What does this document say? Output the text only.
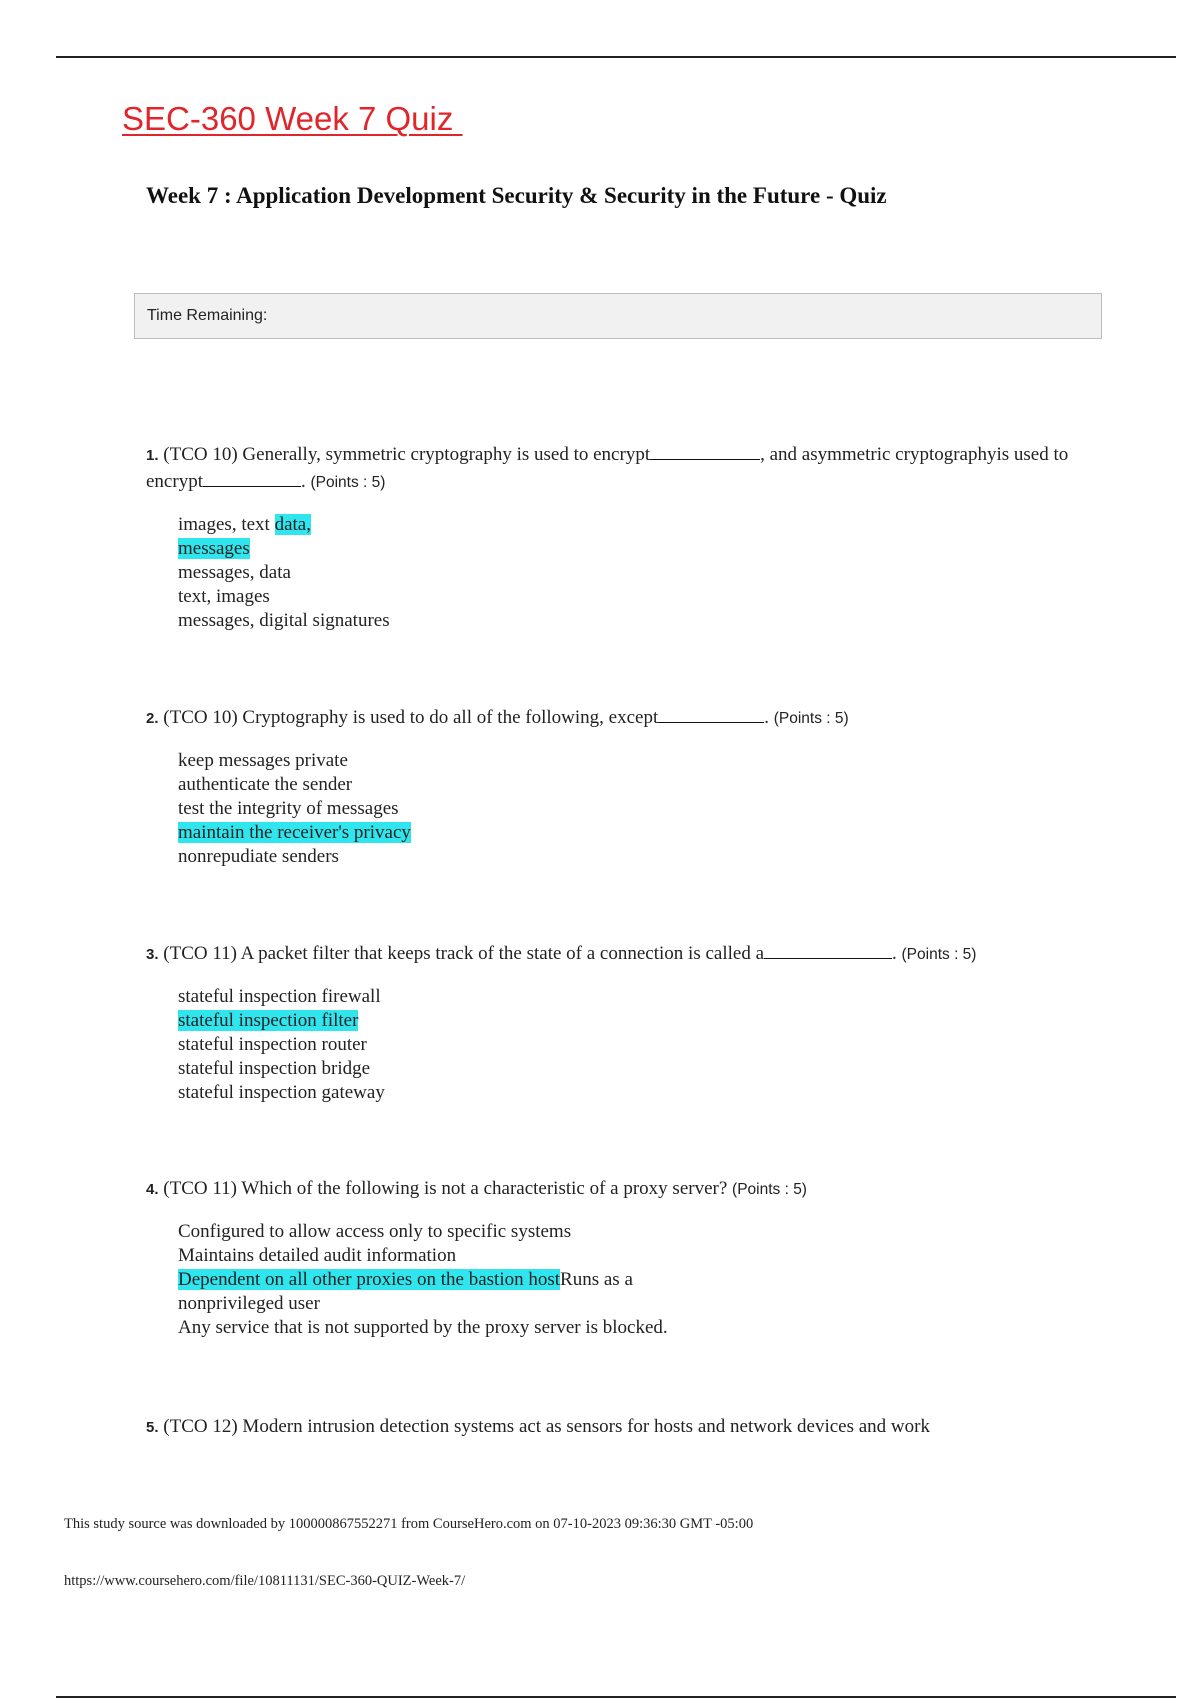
SEC-360 Week 7 Quiz
Week 7 : Application Development Security & Security in the Future - Quiz
Time Remaining:
1. (TCO 10) Generally, symmetric cryptography is used to encrypt	, and asymmetric cryptographyis used to encrypt	. (Points : 5)
images, text data,
messages
messages, data
text, images
messages, digital signatures
2. (TCO 10) Cryptography is used to do all of the following, except	. (Points : 5)
keep messages private
authenticate the sender
test the integrity of messages
maintain the receiver's privacy
nonrepudiate senders
3. (TCO 11) A packet filter that keeps track of the state of a connection is called a	. (Points : 5)
stateful inspection firewall
stateful inspection filter
stateful inspection router
stateful inspection bridge
stateful inspection gateway
4. (TCO 11) Which of the following is not a characteristic of a proxy server? (Points : 5)
Configured to allow access only to specific systems
Maintains detailed audit information
Dependent on all other proxies on the bastion hostRuns as a
nonprivileged user
Any service that is not supported by the proxy server is blocked.
5. (TCO 12) Modern intrusion detection systems act as sensors for hosts and network devices and work
This study source was downloaded by 100000867552271 from CourseHero.com on 07-10-2023 09:36:30 GMT -05:00
https://www.coursehero.com/file/10811131/SEC-360-QUIZ-Week-7/
